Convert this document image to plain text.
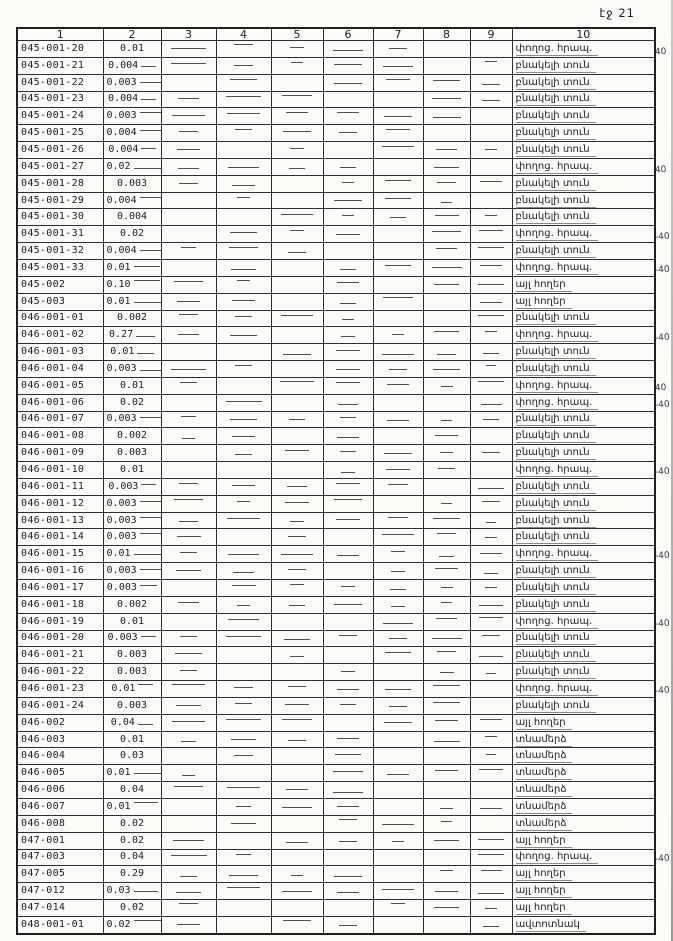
էջ 21
1	2	3	4	5	6	7	8	9	10
045-001-20	0.01								փողոց. հրապ.
045-001-21	0.004								բնակելի տուն
045-001-22	0.003								բնակելի տուն
045-001-23	0.004								բնակելի տուն
045-001-24	0.003								բնակելի տուն
045-001-25	0.004								բնակելի տուն
045-001-26	0.004								բնակելի տուն
045-001-27	0.02								փողոց. հրապ.
045-001-28	0.003								բնակելի տուն
045-001-29	0.004								բնակելի տուն
045-001-30	0.004								բնակելի տուն
045-001-31	0.02								փողոց. հրապ.
045-001-32	0.004								բնակելի տուն
045-001-33	0.01								փողոց. հրապ.
045-002	0.10								այլ հողեր
045-003	0.01								այլ հողեր
046-001-01	0.002								բնակելի տուն
046-001-02	0.27								փողոց. հրապ.
046-001-03	0.01								բնակելի տուն
046-001-04	0.003								բնակելի տուն
046-001-05	0.01								փողոց. հրապ.
046-001-06	0.02								փողոց. հրապ.
046-001-07	0.003								բնակելի տուն
046-001-08	0.002								բնակելի տուն
046-001-09	0.003								բնակելի տուն
046-001-10	0.01								փողոց. հրապ.
046-001-11	0.003								բնակելի տուն
046-001-12	0.003								բնակելի տուն
046-001-13	0.003								բնակելի տուն
046-001-14	0.003								բնակելի տուն
046-001-15	0.01								փողոց. հրապ.
046-001-16	0.003								բնակելի տուն
046-001-17	0.003								բնակելի տուն
046-001-18	0.002								բնակելի տուն
046-001-19	0.01								փողոց. հրապ.
046-001-20	0.003								բնակելի տուն
046-001-21	0.003								բնակելի տուն
046-001-22	0.003								բնակելի տուն
046-001-23	0.01								փողոց. հրապ.
046-001-24	0.003								բնակելի տուն
046-002	0.04								այլ հողեր
046-003	0.01								տնամերձ
046-004	0.03								տնամերձ
046-005	0.01								տնամերձ
046-006	0.04								տնամերձ
046-007	0.01								տնամերձ
046-008	0.02								տնամերձ
047-001	0.02								այլ հողեր
047-003	0.04								փողոց. հրապ.
047-005	0.29								այլ հողեր
047-012	0.03								այլ հողեր
047-014	0.02								այլ հողեր
048-001-01	0.02								ավտոտնակ
40
40
-40
-40
-40
40
-40
-40
-40
-40
-40
-40
